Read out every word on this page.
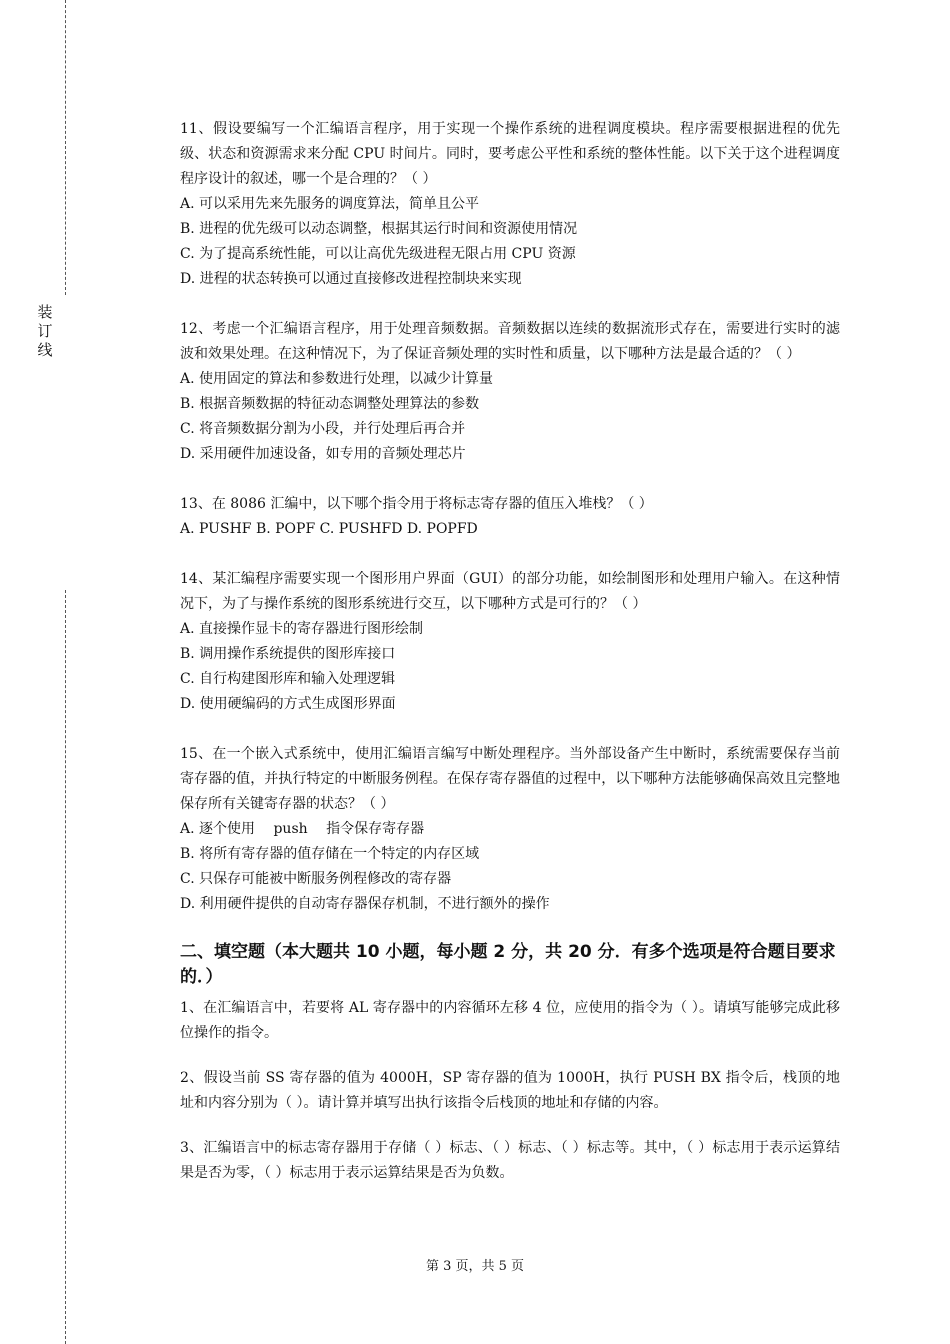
装
订
线

11、假设要编写一个汇编语言程序，用于实现一个操作系统的进程调度模块。程序需要根据进程的优先级、状态和资源需求来分配 CPU 时间片。同时，要考虑公平性和系统的整体性能。以下关于这个进程调度程序设计的叙述，哪一个是合理的？（ ）

A. 可以采用先来先服务的调度算法，简单且公平

B. 进程的优先级可以动态调整，根据其运行时间和资源使用情况

C. 为了提高系统性能，可以让高优先级进程无限占用 CPU 资源

D. 进程的状态转换可以通过直接修改进程控制块来实现

12、考虑一个汇编语言程序，用于处理音频数据。音频数据以连续的数据流形式存在，需要进行实时的滤波和效果处理。在这种情况下，为了保证音频处理的实时性和质量，以下哪种方法是最合适的？（ ）

A. 使用固定的算法和参数进行处理，以减少计算量

B. 根据音频数据的特征动态调整处理算法的参数

C. 将音频数据分割为小段，并行处理后再合并

D. 采用硬件加速设备，如专用的音频处理芯片

13、在 8086 汇编中，以下哪个指令用于将标志寄存器的值压入堆栈？（ ）

A. PUSHF B. POPF C. PUSHFD D. POPFD

14、某汇编程序需要实现一个图形用户界面（GUI）的部分功能，如绘制图形和处理用户输入。在这种情况下，为了与操作系统的图形系统进行交互，以下哪种方式是可行的？（ ）

A. 直接操作显卡的寄存器进行图形绘制

B. 调用操作系统提供的图形库接口

C. 自行构建图形库和输入处理逻辑

D. 使用硬编码的方式生成图形界面

15、在一个嵌入式系统中，使用汇编语言编写中断处理程序。当外部设备产生中断时，系统需要保存当前寄存器的值，并执行特定的中断服务例程。在保存寄存器值的过程中，以下哪种方法能够确保高效且完整地保存所有关键寄存器的状态？（ ）

A. 逐个使用　 push　 指令保存寄存器

B. 将所有寄存器的值存储在一个特定的内存区域

C. 只保存可能被中断服务例程修改的寄存器

D. 利用硬件提供的自动寄存器保存机制，不进行额外的操作

二、填空题（本大题共 10 小题，每小题 2 分，共 20 分．有多个选项是符合题目要求的．）

1、在汇编语言中，若要将 AL 寄存器中的内容循环左移 4 位，应使用的指令为（ ）。请填写能够完成此移位操作的指令。

2、假设当前 SS 寄存器的值为 4000H，SP 寄存器的值为 1000H，执行 PUSH BX 指令后，栈顶的地址和内容分别为（ ）。请计算并填写出执行该指令后栈顶的地址和存储的内容。

3、汇编语言中的标志寄存器用于存储（ ）标志、（ ）标志、（ ）标志等。其中，（ ）标志用于表示运算结果是否为零，（ ）标志用于表示运算结果是否为负数。

第 3 页，共 5 页
